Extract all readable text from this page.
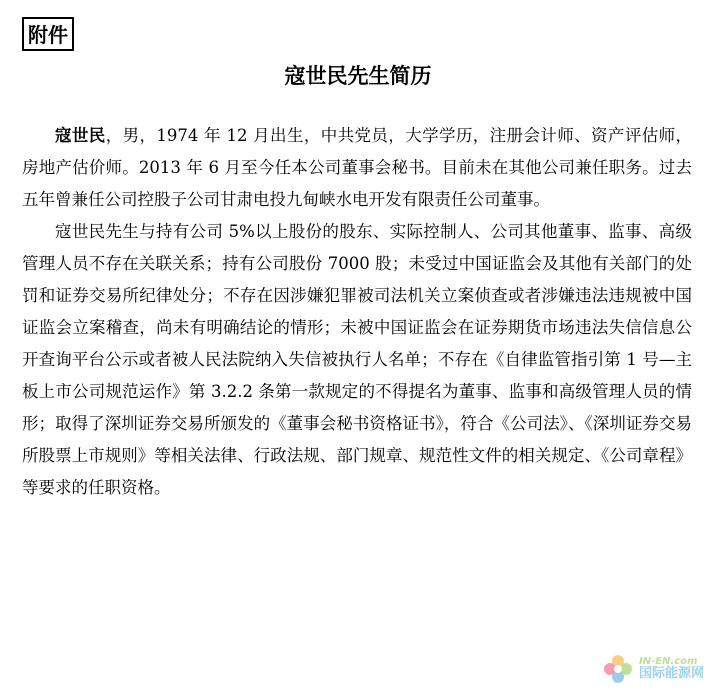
附件
寇世民先生简历

寇世民，男，1974 年 12 月出生，中共党员，大学学历，注册会计师、资产评估师，房地产估价师。2013 年 6 月至今任本公司董事会秘书。目前未在其他公司兼任职务。过去五年曾兼任公司控股子公司甘肃电投九甸峡水电开发有限责任公司董事。

寇世民先生与持有公司 5%以上股份的股东、实际控制人、公司其他董事、监事、高级管理人员不存在关联关系；持有公司股份 7000 股；未受过中国证监会及其他有关部门的处罚和证券交易所纪律处分；不存在因涉嫌犯罪被司法机关立案侦查或者涉嫌违法违规被中国证监会立案稽查，尚未有明确结论的情形；未被中国证监会在证券期货市场违法失信信息公开查询平台公示或者被人民法院纳入失信被执行人名单；不存在《自律监管指引第 1 号—主板上市公司规范运作》第 3.2.2 条第一款规定的不得提名为董事、监事和高级管理人员的情形；取得了深圳证券交易所颁发的《董事会秘书资格证书》，符合《公司法》、《深圳证券交易所股票上市规则》等相关法律、行政法规、部门规章、规范性文件的相关规定、《公司章程》等要求的任职资格。

IN-EN.com
国际能源网
